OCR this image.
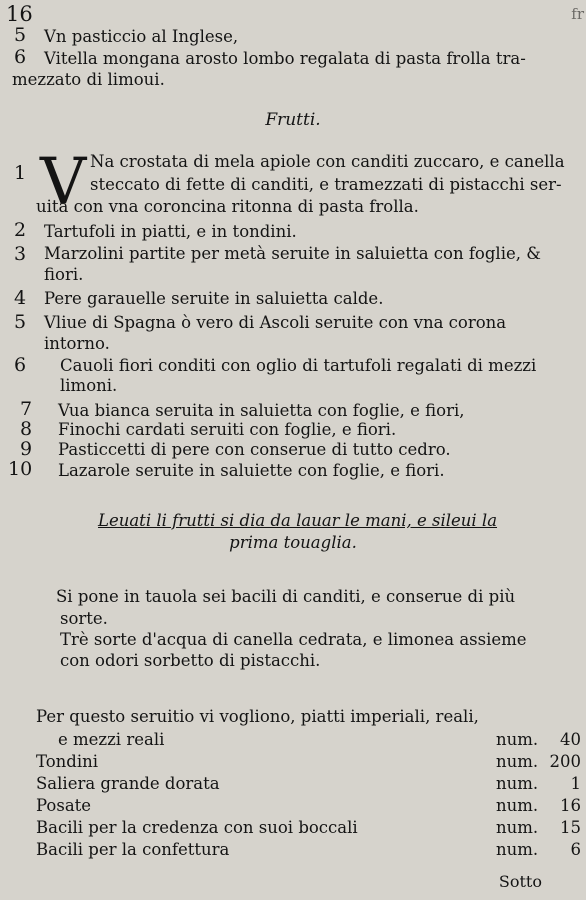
16	fr
5 Vn pasticcio al Inglese,
6 Vitella mongana arosto lombo regalata di pasta frolla tra-
mezzato di limoui.
Frutti.
1 V Na crostata di mela apiole con canditi zuccaro, e canella
steccato di fette di canditi, e tramezzati di pistacchi ser-
uita con vna coroncina ritonna di pasta frolla.
2 Tartufoli in piatti, e in tondini.
3 Marzolini partite per metà seruite in saluietta con foglie, &
fiori.
4 Pere garauelle seruite in saluietta calde.
5 Vliue di Spagna ò vero di Ascoli seruite con vna corona
intorno.
6 Cauoli fiori conditi con oglio di tartufoli regalati di mezzi
limoni.
7 Vua bianca seruita in saluietta con foglie, e fiori,
8 Finochi cardati seruiti con foglie, e fiori.
9 Pasticcetti di pere con conserue di tutto cedro.
10 Lazarole seruite in saluiette con foglie, e fiori.
Leuati li frutti si dia da lauar le mani, e sileui la
prima touaglia.
Si pone in tauola sei bacili di canditi, e conserue di più
sorte.
Trè sorte d'acqua di canella cedrata, e limonea assieme
con odori sorbetto di pistacchi.
Per questo seruitio vi vogliono, piatti imperiali, reali,
e mezzi reali	num. 40
Tondini	num. 200
Saliera grande dorata	num. 1
Posate	num. 16
Bacili per la credenza con suoi boccali	num. 15
Bacili per la confettura	num. 6
Sotto
